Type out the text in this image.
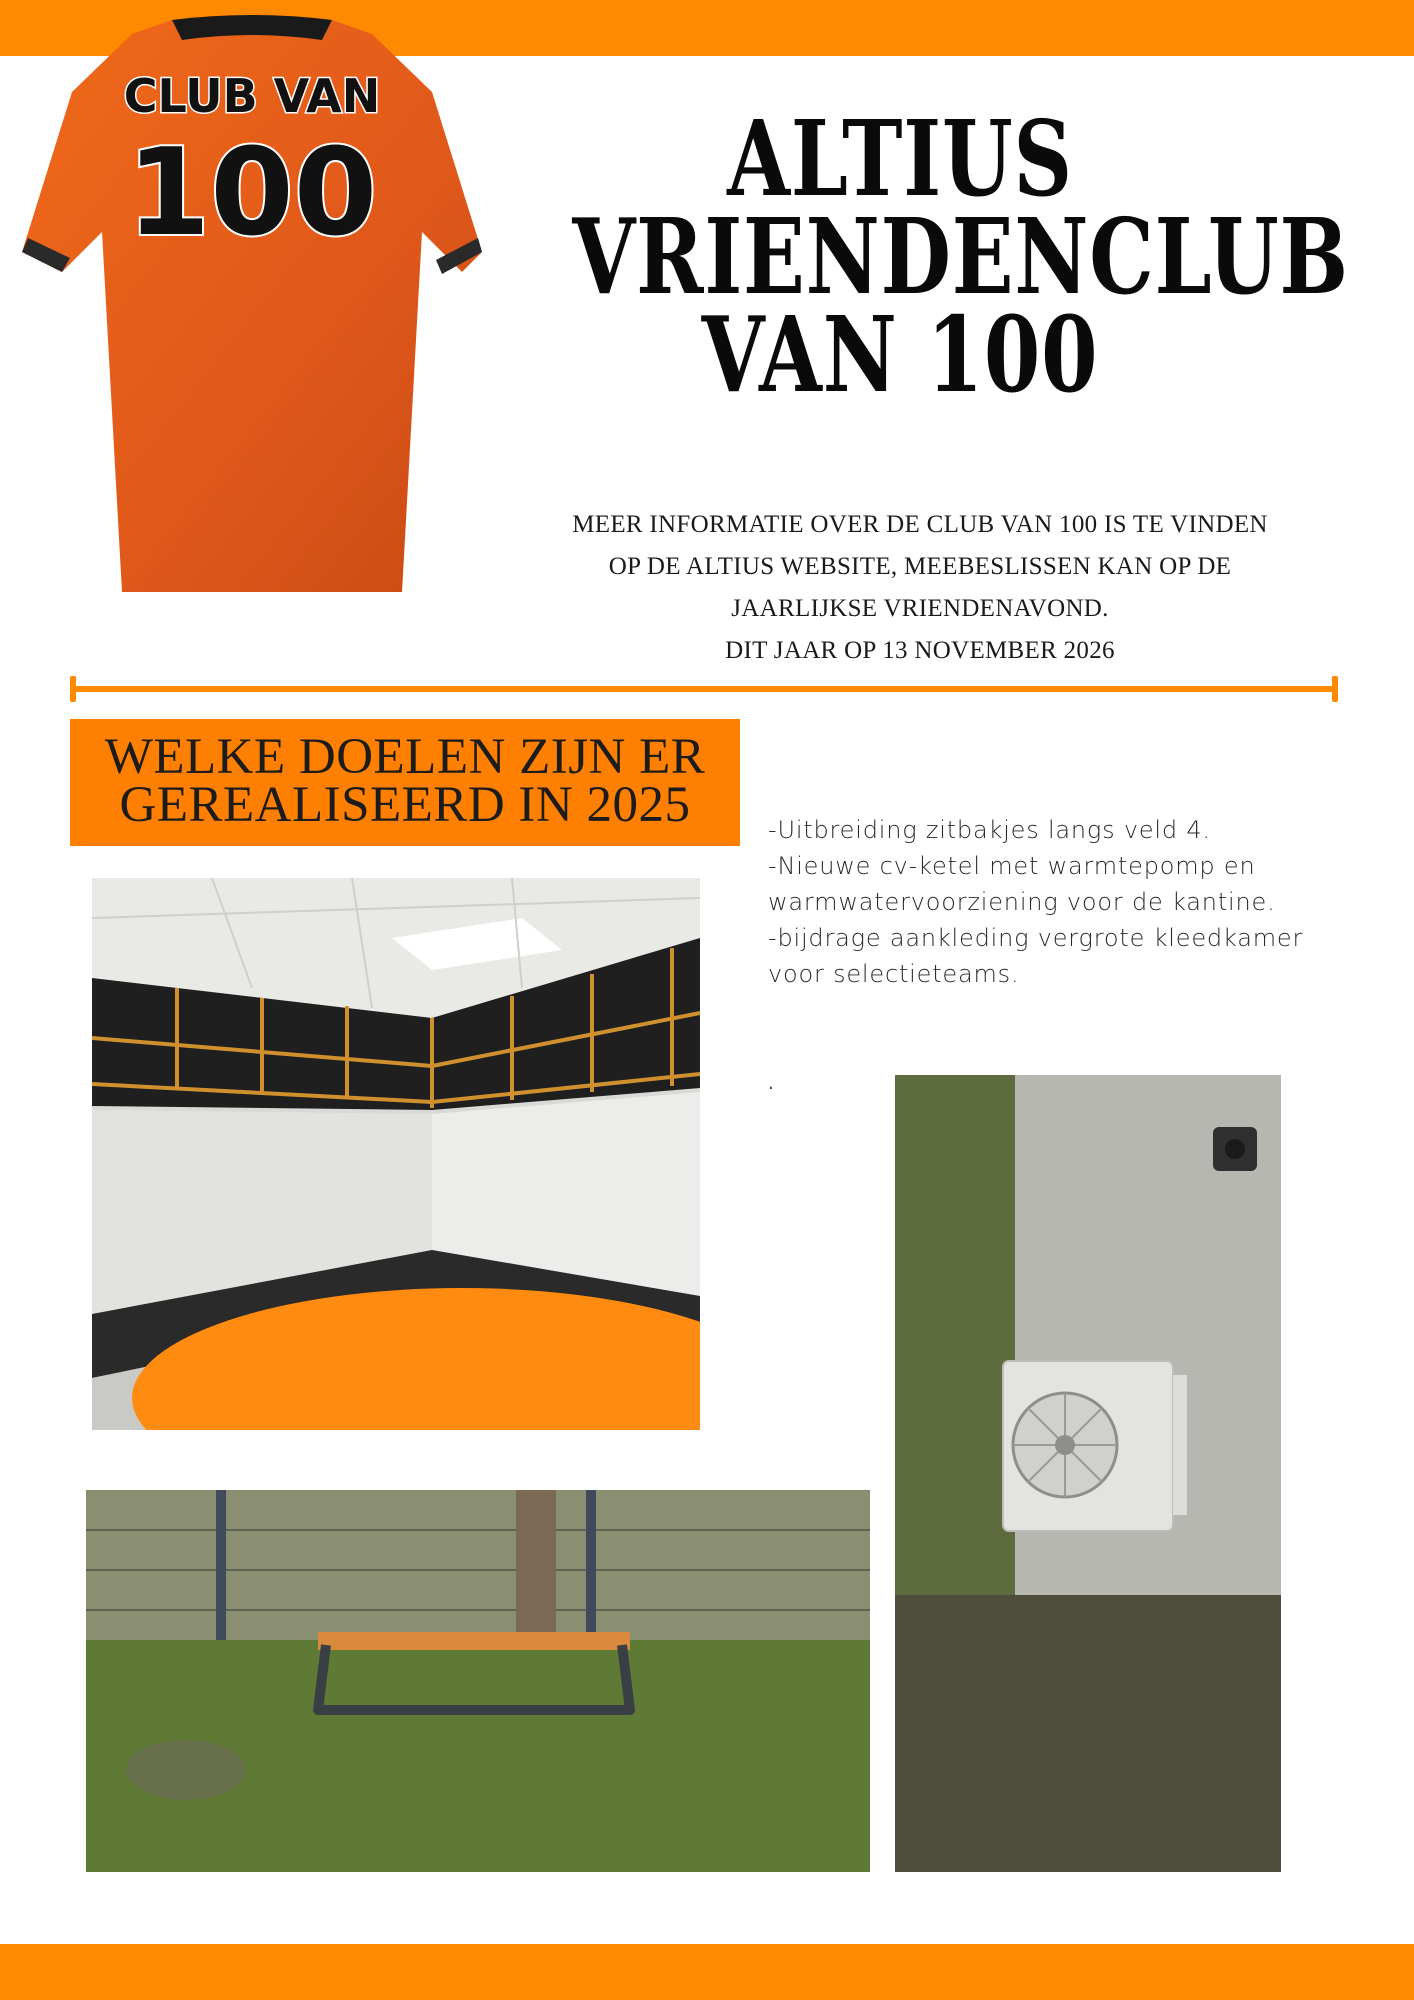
CLUB VAN
100	ALTIUS
VRIENDENCLUB
VAN 100
MEER INFORMATIE OVER DE CLUB VAN 100 IS TE VINDEN
OP DE ALTIUS WEBSITE, MEEBESLISSEN KAN OP DE
JAARLIJKSE VRIENDENAVOND.
DIT JAAR OP 13 NOVEMBER 2026
WELKE DOELEN ZIJN ER
GEREALISEERD IN 2025	-Uitbreiding zitbakjes langs veld 4.
-Nieuwe cv-ketel met warmtepomp en
warmwatervoorziening voor de kantine.
-bijdrage aankleding vergrote kleedkamer
voor selectieteams.
.
